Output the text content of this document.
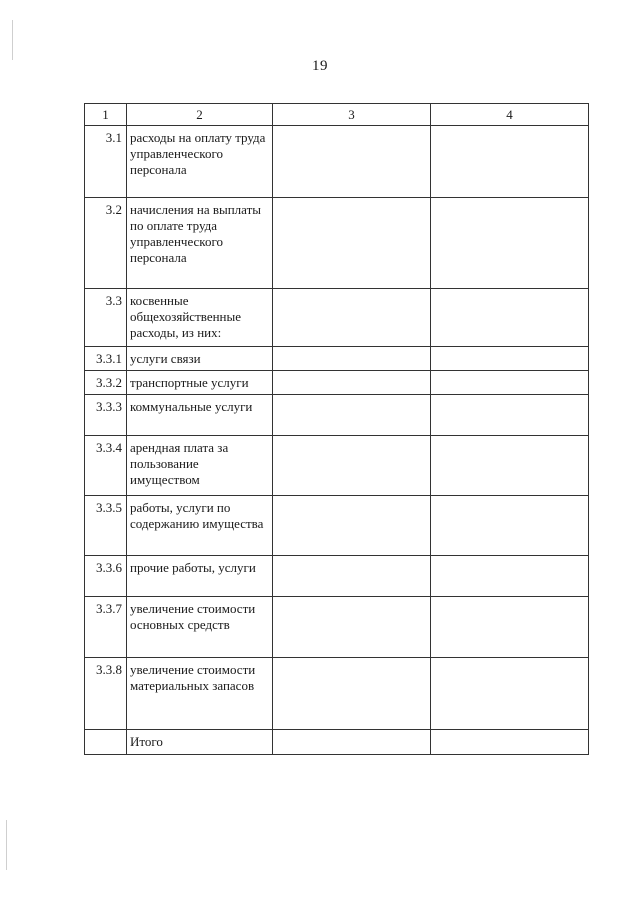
19
1	2	3	4
3.1	расходы на оплату труда управленческого персонала		
3.2	начисления на выплаты по оплате труда управленческого персонала		
3.3	косвенные общехозяйственные расходы, из них:		
3.3.1	услуги связи		
3.3.2	транспортные услуги		
3.3.3	коммунальные услуги		
3.3.4	арендная плата за пользование имуществом		
3.3.5	работы, услуги по содержанию имущества		
3.3.6	прочие работы, услуги		
3.3.7	увеличение стоимости основных средств		
3.3.8	увеличение стоимости материальных запасов		
	Итого		
